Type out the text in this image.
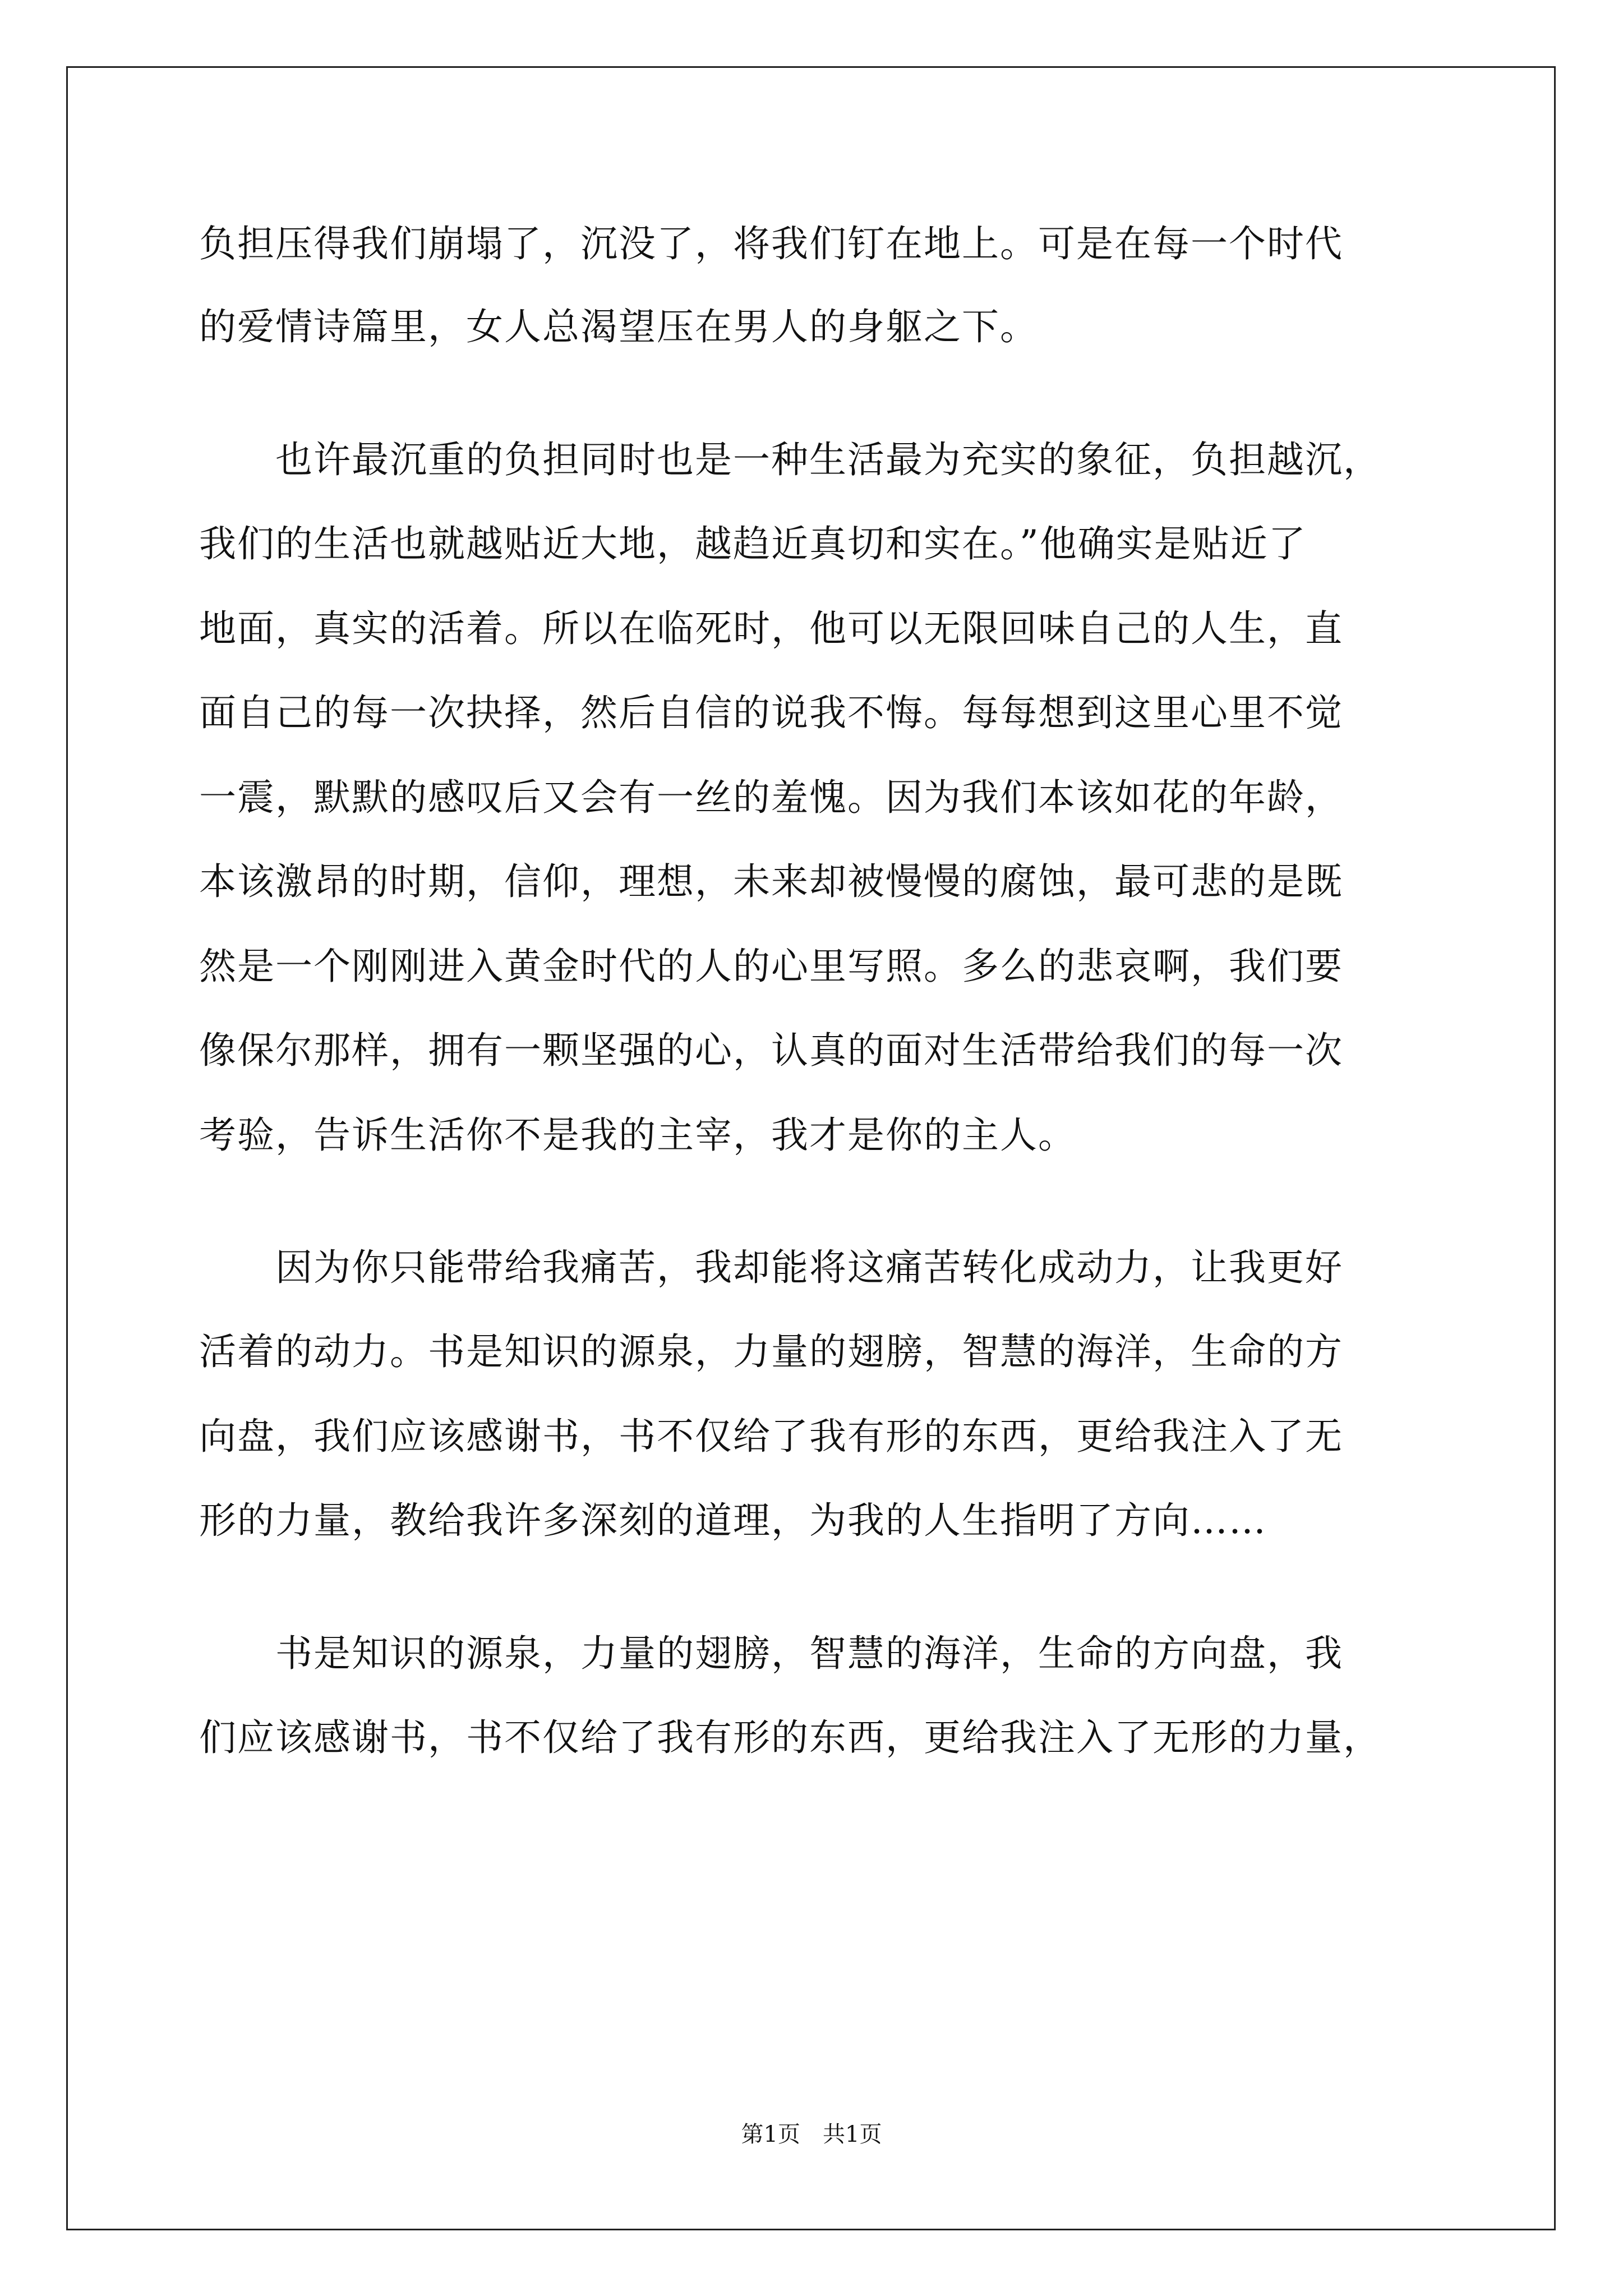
负担压得我们崩塌了，沉没了，将我们钉在地上。可是在每一个时代
的爱情诗篇里，女人总渴望压在男人的身躯之下。
　　也许最沉重的负担同时也是一种生活最为充实的象征，负担越沉，
我们的生活也就越贴近大地，越趋近真切和实在。”他确实是贴近了
地面，真实的活着。所以在临死时，他可以无限回味自己的人生，直
面自己的每一次抉择，然后自信的说我不悔。每每想到这里心里不觉
一震，默默的感叹后又会有一丝的羞愧。因为我们本该如花的年龄，
本该激昂的时期，信仰，理想，未来却被慢慢的腐蚀，最可悲的是既
然是一个刚刚进入黄金时代的人的心里写照。多么的悲哀啊，我们要
像保尔那样，拥有一颗坚强的心，认真的面对生活带给我们的每一次
考验，告诉生活你不是我的主宰，我才是你的主人。
　　因为你只能带给我痛苦，我却能将这痛苦转化成动力，让我更好
活着的动力。书是知识的源泉，力量的翅膀，智慧的海洋，生命的方
向盘，我们应该感谢书，书不仅给了我有形的东西，更给我注入了无
形的力量，教给我许多深刻的道理，为我的人生指明了方向……
　　书是知识的源泉，力量的翅膀，智慧的海洋，生命的方向盘，我
们应该感谢书，书不仅给了我有形的东西，更给我注入了无形的力量，
第1页　共1页
